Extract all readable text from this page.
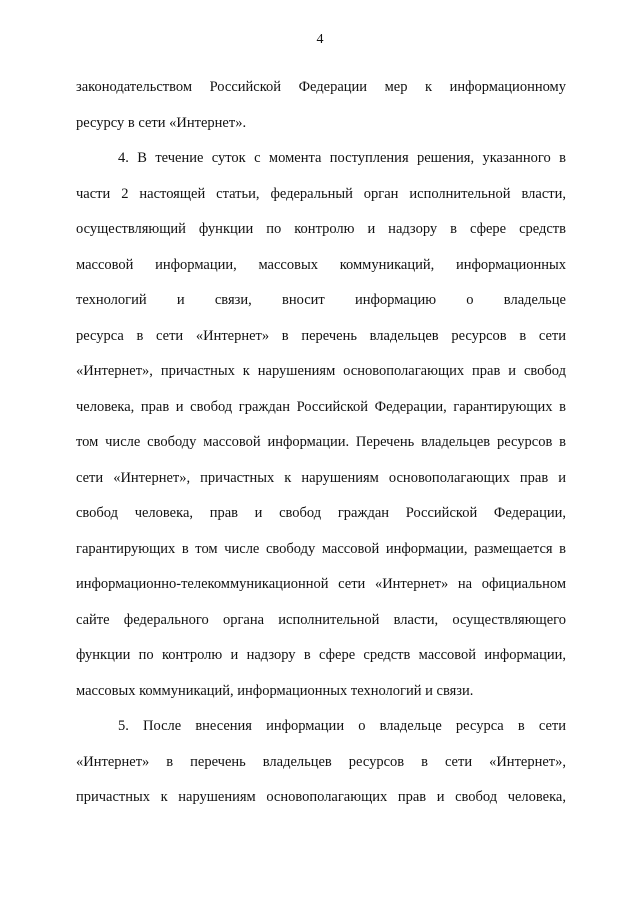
4
законодательством Российской Федерации мер к информационному
ресурсу в сети «Интернет».
4. В течение суток с момента поступления решения, указанного в
части 2 настоящей статьи, федеральный орган исполнительной власти,
осуществляющий функции по контролю и надзору в сфере средств
массовой информации, массовых коммуникаций, информационных
технологий и связи, вносит информацию о владельце
ресурса в сети «Интернет» в перечень владельцев ресурсов в сети
«Интернет», причастных к нарушениям основополагающих прав и свобод
человека, прав и свобод граждан Российской Федерации, гарантирующих в
том числе свободу массовой информации. Перечень владельцев ресурсов в
сети «Интернет», причастных к нарушениям основополагающих прав и
свобод человека, прав и свобод граждан Российской Федерации,
гарантирующих в том числе свободу массовой информации, размещается в
информационно-телекоммуникационной сети «Интернет» на официальном
сайте федерального органа исполнительной власти, осуществляющего
функции по контролю и надзору в сфере средств массовой информации,
массовых коммуникаций, информационных технологий и связи.
5. После внесения информации о владельце ресурса в сети
«Интернет» в перечень владельцев ресурсов в сети «Интернет»,
причастных к нарушениям основополагающих прав и свобод человека,
